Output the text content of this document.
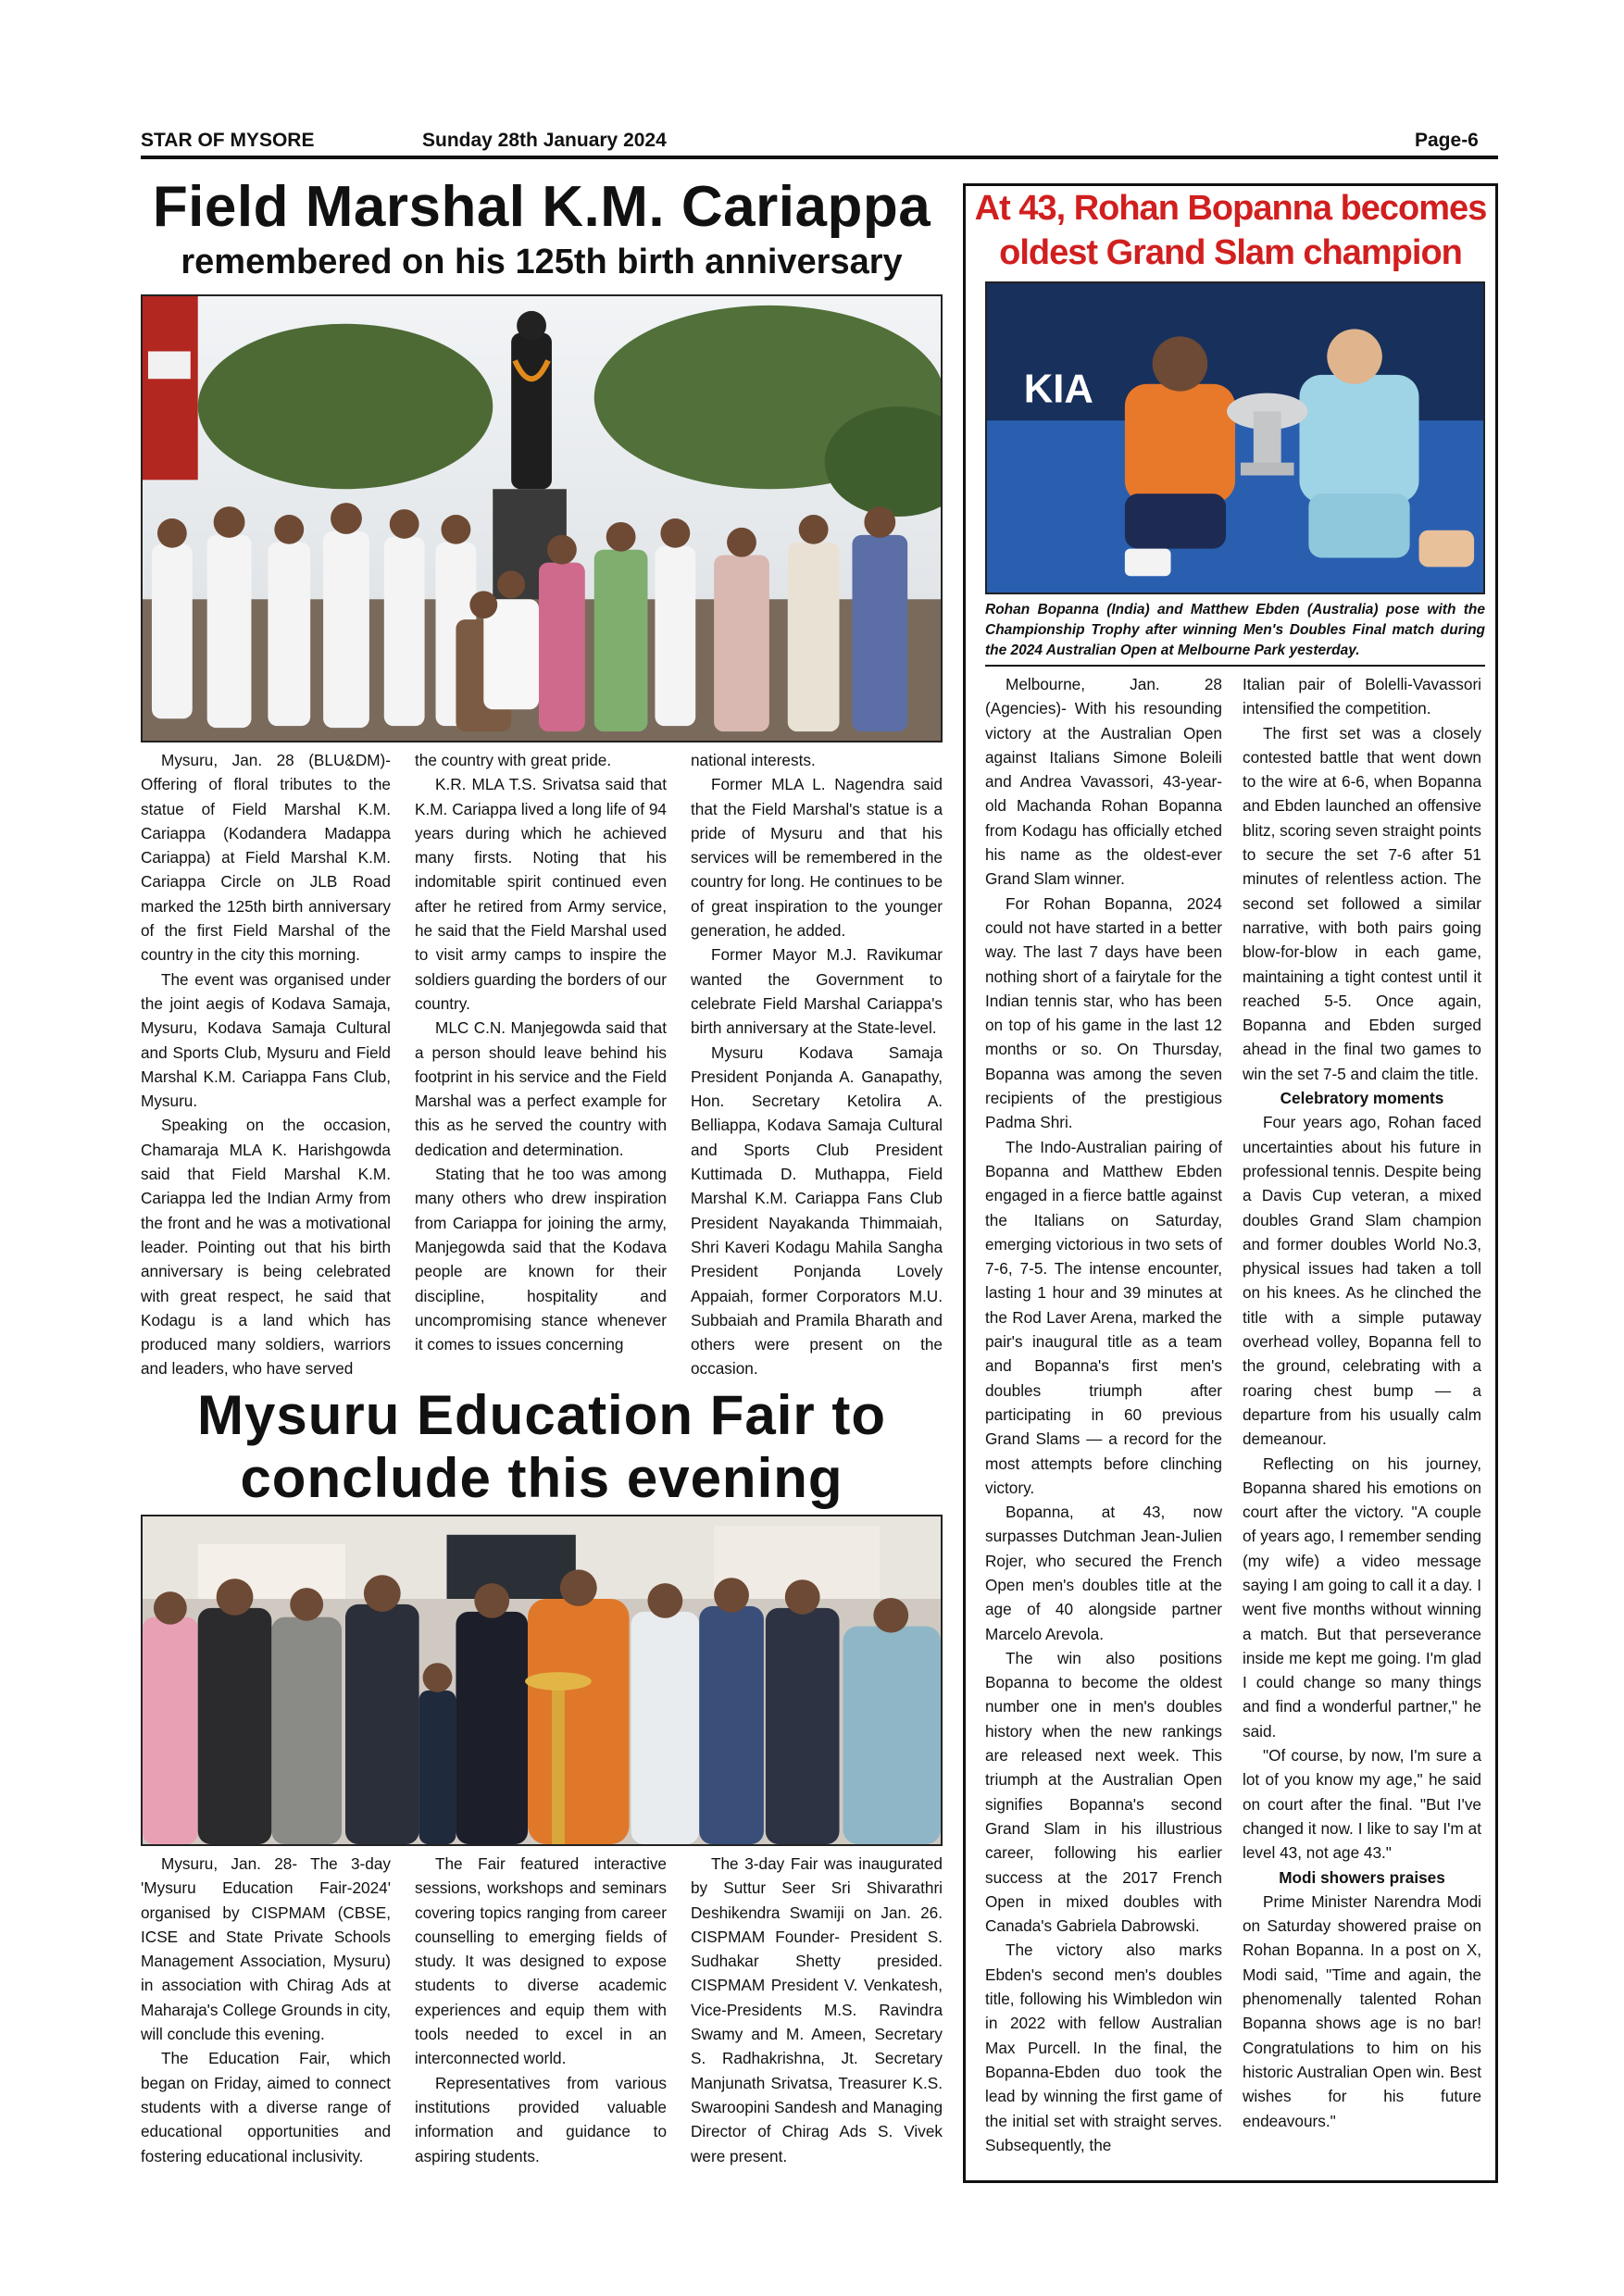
STAR OF MYSORE	Sunday 28th January 2024	Page-6
Field Marshal K.M. Cariappa
remembered on his 125th birth anniversary

Mysuru, Jan. 28 (BLU&DM)- Offering of floral tributes to the statue of Field Marshal K.M. Cariappa (Kodandera Madappa Cariappa) at Field Marshal K.M. Cariappa Circle on JLB Road marked the 125th birth anniversary of the first Field Marshal of the country in the city this morning.

The event was organised under the joint aegis of Kodava Samaja, Mysuru, Kodava Samaja Cultural and Sports Club, Mysuru and Field Marshal K.M. Cariappa Fans Club, Mysuru.

Speaking on the occasion, Chamaraja MLA K. Harishgowda said that Field Marshal K.M. Cariappa led the Indian Army from the front and he was a motivational leader. Pointing out that his birth anniversary is being celebrated with great respect, he said that Kodagu is a land which has produced many soldiers, warriors and leaders, who have served

the country with great pride.

K.R. MLA T.S. Srivatsa said that K.M. Cariappa lived a long life of 94 years during which he achieved many firsts. Noting that his indomitable spirit continued even after he retired from Army service, he said that the Field Marshal used to visit army camps to inspire the soldiers guarding the borders of our country.

MLC C.N. Manjegowda said that a person should leave behind his footprint in his service and the Field Marshal was a perfect example for this as he served the country with dedication and determination.

Stating that he too was among many others who drew inspiration from Cariappa for joining the army, Manjegowda said that the Kodava people are known for their discipline, hospitality and uncompromising stance whenever it comes to issues concerning

national interests.

Former MLA L. Nagendra said that the Field Marshal's statue is a pride of Mysuru and that his services will be remembered in the country for long. He continues to be of great inspiration to the younger generation, he added.

Former Mayor M.J. Ravikumar wanted the Government to celebrate Field Marshal Cariappa's birth anniversary at the State-level.

Mysuru Kodava Samaja President Ponjanda A. Ganapathy, Hon. Secretary Ketolira A. Belliappa, Kodava Samaja Cultural and Sports Club President Kuttimada D. Muthappa, Field Marshal K.M. Cariappa Fans Club President Nayakanda Thimmaiah, Shri Kaveri Kodagu Mahila Sangha President Ponjanda Lovely Appaiah, former Corporators M.U. Subbaiah and Pramila Bharath and others were present on the occasion.

Mysuru Education Fair to
conclude this evening

Mysuru, Jan. 28- The 3-day 'Mysuru Education Fair-2024' organised by CISPMAM (CBSE, ICSE and State Private Schools Management Association, Mysuru) in association with Chirag Ads at Maharaja's College Grounds in city, will conclude this evening.

The Education Fair, which began on Friday, aimed to connect students with a diverse range of educational opportunities and fostering educational inclusivity.

The Fair featured interactive sessions, workshops and seminars covering topics ranging from career counselling to emerging fields of study. It was designed to expose students to diverse academic experiences and equip them with tools needed to excel in an interconnected world.

Representatives from various institutions provided valuable information and guidance to aspiring students.

The 3-day Fair was inaugurated by Suttur Seer Sri Shivarathri Deshikendra Swamiji on Jan. 26. CISPMAM Founder- President S. Sudhakar Shetty presided. CISPMAM President V. Venkatesh, Vice-Presidents M.S. Ravindra Swamy and M. Ameen, Secretary S. Radhakrishna, Jt. Secretary Manjunath Srivatsa, Treasurer K.S. Swaroopini Sandesh and Managing Director of Chirag Ads S. Vivek were present.

At 43, Rohan Bopanna becomes
oldest Grand Slam champion
KIA
Rohan Bopanna (India) and Matthew Ebden (Australia) pose with the Championship Trophy after winning Men's Doubles Final match during the 2024 Australian Open at Melbourne Park yesterday.

Melbourne, Jan. 28 (Agencies)- With his resounding victory at the Australian Open against Italians Simone Boleili and Andrea Vavassori, 43-year-old Machanda Rohan Bopanna from Kodagu has officially etched his name as the oldest-ever Grand Slam winner.

For Rohan Bopanna, 2024 could not have started in a better way. The last 7 days have been nothing short of a fairytale for the Indian tennis star, who has been on top of his game in the last 12 months or so. On Thursday, Bopanna was among the seven recipients of the prestigious Padma Shri.

The Indo-Australian pairing of Bopanna and Matthew Ebden engaged in a fierce battle against the Italians on Saturday, emerging victorious in two sets of 7-6, 7-5. The intense encounter, lasting 1 hour and 39 minutes at the Rod Laver Arena, marked the pair's inaugural title as a team and Bopanna's first men's doubles triumph after participating in 60 previous Grand Slams — a record for the most attempts before clinching victory.

Bopanna, at 43, now surpasses Dutchman Jean-Julien Rojer, who secured the French Open men's doubles title at the age of 40 alongside partner Marcelo Arevola.

The win also positions Bopanna to become the oldest number one in men's doubles history when the new rankings are released next week. This triumph at the Australian Open signifies Bopanna's second Grand Slam in his illustrious career, following his earlier success at the 2017 French Open in mixed doubles with Canada's Gabriela Dabrowski.

The victory also marks Ebden's second men's doubles title, following his Wimbledon win in 2022 with fellow Australian Max Purcell. In the final, the Bopanna-Ebden duo took the lead by winning the first game of the initial set with straight serves. Subsequently, the

Italian pair of Bolelli-Vavassori intensified the competition.

The first set was a closely contested battle that went down to the wire at 6-6, when Bopanna and Ebden launched an offensive blitz, scoring seven straight points to secure the set 7-6 after 51 minutes of relentless action. The second set followed a similar narrative, with both pairs going blow-for-blow in each game, maintaining a tight contest until it reached 5-5. Once again, Bopanna and Ebden surged ahead in the final two games to win the set 7-5 and claim the title.

Celebratory moments

Four years ago, Rohan faced uncertainties about his future in professional tennis. Despite being a Davis Cup veteran, a mixed doubles Grand Slam champion and former doubles World No.3, physical issues had taken a toll on his knees. As he clinched the title with a simple putaway overhead volley, Bopanna fell to the ground, celebrating with a roaring chest bump — a departure from his usually calm demeanour.

Reflecting on his journey, Bopanna shared his emotions on court after the victory. "A couple of years ago, I remember sending (my wife) a video message saying I am going to call it a day. I went five months without winning a match. But that perseverance inside me kept me going. I'm glad I could change so many things and find a wonderful partner," he said.

"Of course, by now, I'm sure a lot of you know my age," he said on court after the final. "But I've changed it now. I like to say I'm at level 43, not age 43."

Modi showers praises

Prime Minister Narendra Modi on Saturday showered praise on Rohan Bopanna. In a post on X, Modi said, "Time and again, the phenomenally talented Rohan Bopanna shows age is no bar! Congratulations to him on his historic Australian Open win. Best wishes for his future endeavours."
